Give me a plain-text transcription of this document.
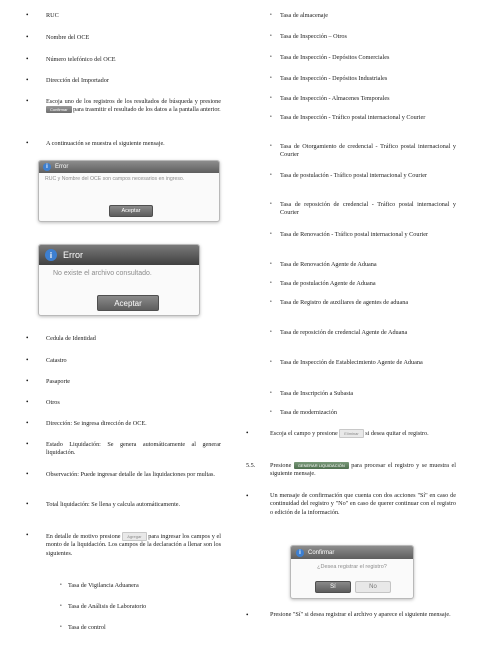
•	RUC
•	Nombre del OCE
•	Número telefónico del OCE
•	Dirección del Importador
•	Escoja uno de los registros de los resultados de búsqueda y presione Confirmar para trasmitir el resultado de los datos a la pantalla anterior.
•	A continuación se muestra el siguiente mensaje.
i	Error
RUC y Nombre del OCE son campos necesarios en ingreso.
Aceptar
i	Error
No existe el archivo consultado.
Aceptar
•	Cedula de Identidad
•	Catastro
•	Pasaporte
•	Otros
•	Dirección: Se ingresa dirección de OCE.
•	Estado Liquidación: Se genera automáticamente al generar liquidación.
•	Observación: Puede ingresar detalle de las liquidaciones por multas.
•	Total liquidación: Se llena y calcula automáticamente.
•	En detalle de motivo presione Agregar para ingresar los campos y el monto de la liquidación. Los campos de la declaración a llenar son los siguientes.
• Tasa de Vigilancia Aduanera
• Tasa de Análisis de Laboratorio
• Tasa de control
• Tasa de almacenaje
• Tasa de Inspección – Otros
• Tasa de Inspección - Depósitos Comerciales
• Tasa de Inspección - Depósitos Industriales
• Tasa de Inspección - Almacenes Temporales
• Tasa de Inspección - Tráfico postal internacional y Courier
• Tasa de Otorgamiento de credencial - Tráfico postal internacional y Courier
• Tasa de postulación - Tráfico postal internacional y Courier
• Tasa de reposición de credencial - Tráfico postal internacional y Courier
• Tasa de Renovación - Tráfico postal internacional y Courier
• Tasa de Renovación Agente de Aduana
• Tasa de postulación Agente de Aduana
• Tasa de Registro de auxiliares de agentes de aduana
• Tasa de reposición de credencial Agente de Aduana
• Tasa de Inspección de Establecimiento Agente de Aduana
• Tasa de Inscripción a Subasta
• Tasa de modernización
•	Escoja el campo y presione Eliminar si desea quitar el registro.
5.5.	Presione GENERAR LIQUIDACIÓN para procesar el registro y se muestra el siguiente mensaje.
•	Un mensaje de confirmación que cuenta con dos acciones "Sí" en caso de continuidad del registro y "No" en caso de querer continuar con el registro o edición de la información.
i	Confirmar
¿Desea registrar el registro?
Sí	No
•	Presione "Sí" si desea registrar el archivo y aparece el siguiente mensaje.
